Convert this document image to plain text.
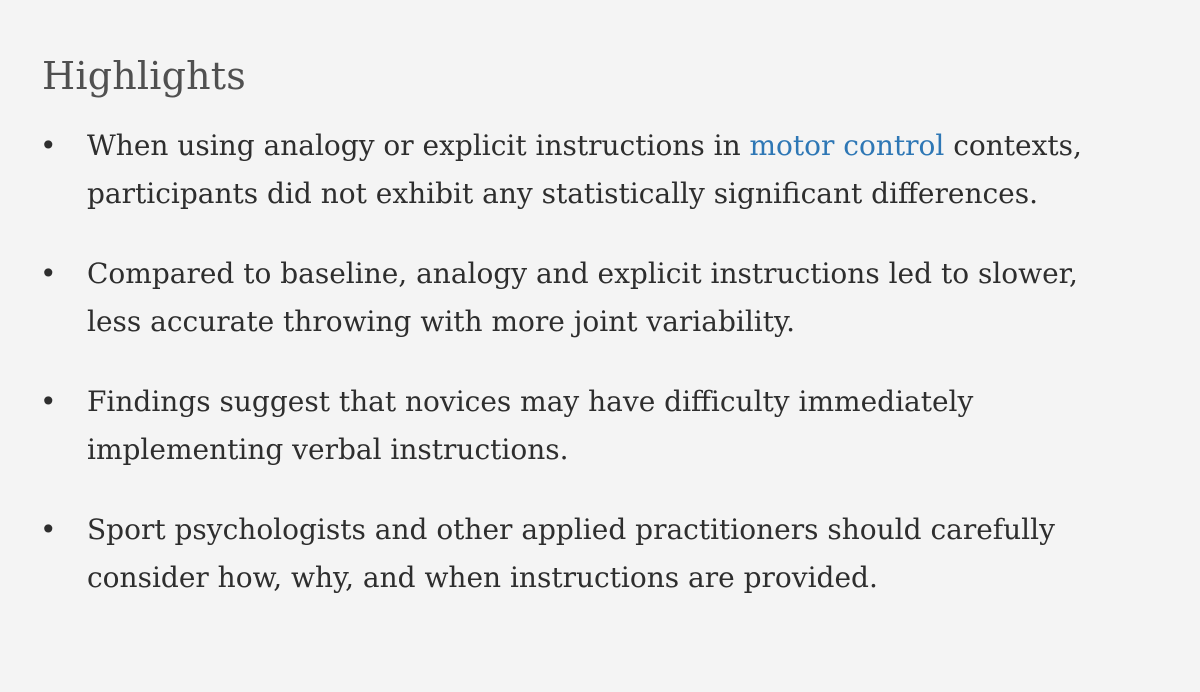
Highlights
• When using analogy or explicit instructions in motor control contexts,
participants did not exhibit any statistically significant differences.
• Compared to baseline, analogy and explicit instructions led to slower,
less accurate throwing with more joint variability.
• Findings suggest that novices may have difficulty immediately
implementing verbal instructions.
• Sport psychologists and other applied practitioners should carefully
consider how, why, and when instructions are provided.
